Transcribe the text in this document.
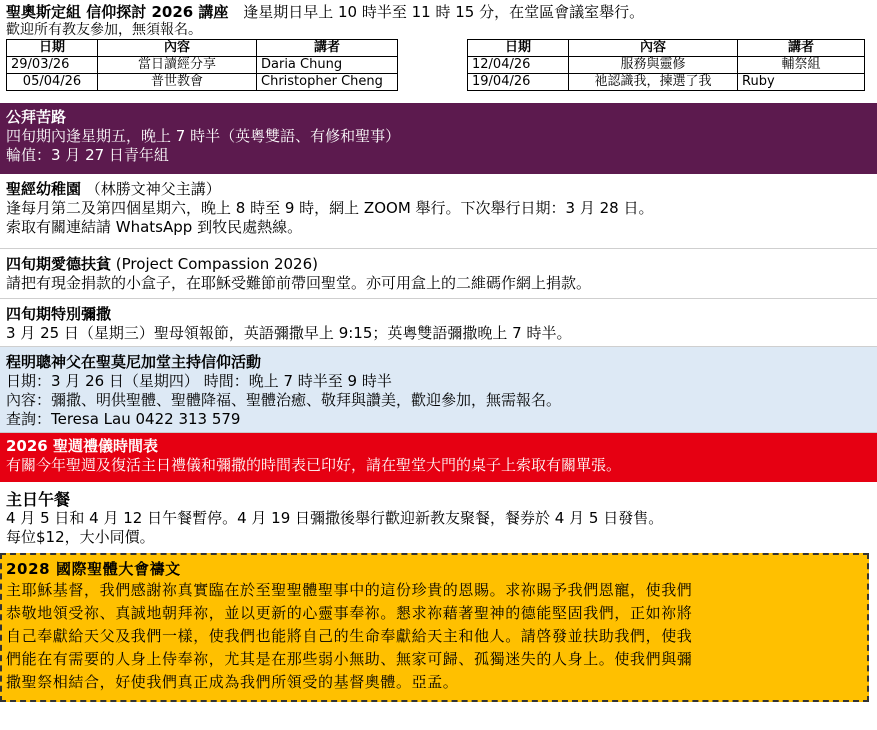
聖奧斯定組 信仰探討 2026 講座 逢星期日早上 10 時半至 11 時 15 分，在堂區會議室舉行。
歡迎所有教友參加，無須報名。
日期	內容	講者
29/03/26	當日讀經分享	Daria Chung
05/04/26	普世教會	Christopher Cheng
日期	內容	講者
12/04/26	服務與靈修	輔祭組
19/04/26	祂認識我，揀選了我	Ruby
公拜苦路
四旬期內逢星期五，晚上 7 時半（英粵雙語、有修和聖事）
輪值：3 月 27 日青年組
聖經幼稚園 （林勝文神父主講）
逢每月第二及第四個星期六，晚上 8 時至 9 時，網上 ZOOM 舉行。下次舉行日期：3 月 28 日。
索取有關連結請 WhatsApp 到牧民處熱線。
四旬期愛德扶貧 (Project Compassion 2026)
請把有現金捐款的小盒子，在耶穌受難節前帶回聖堂。亦可用盒上的二維碼作網上捐款。
四旬期特別彌撒
3 月 25 日（星期三）聖母領報節，英語彌撒早上 9:15；英粵雙語彌撒晚上 7 時半。
程明聰神父在聖莫尼加堂主持信仰活動
日期：3 月 26 日（星期四） 時間：晚上 7 時半至 9 時半
內容：彌撒、明供聖體、聖體降福、聖體治癒、敬拜與讚美，歡迎參加，無需報名。
查詢：Teresa Lau 0422 313 579
2026 聖週禮儀時間表
有關今年聖週及復活主日禮儀和彌撒的時間表已印好，請在聖堂大門的桌子上索取有關單張。
主日午餐
4 月 5 日和 4 月 12 日午餐暫停。4 月 19 日彌撒後舉行歡迎新教友聚餐，餐券於 4 月 5 日發售。
每位$12，大小同價。
2028 國際聖體大會禱文
主耶穌基督，我們感謝祢真實臨在於至聖聖體聖事中的這份珍貴的恩賜。求祢賜予我們恩寵，使我們
恭敬地領受祢、真誠地朝拜祢，並以更新的心靈事奉祢。懇求祢藉著聖神的德能堅固我們，正如祢將
自己奉獻給天父及我們一樣，使我們也能將自己的生命奉獻給天主和他人。請啓發並扶助我們，使我
們能在有需要的人身上侍奉祢，尤其是在那些弱小無助、無家可歸、孤獨迷失的人身上。使我們與彌
撒聖祭相結合，好使我們真正成為我們所領受的基督奧體。亞孟。
